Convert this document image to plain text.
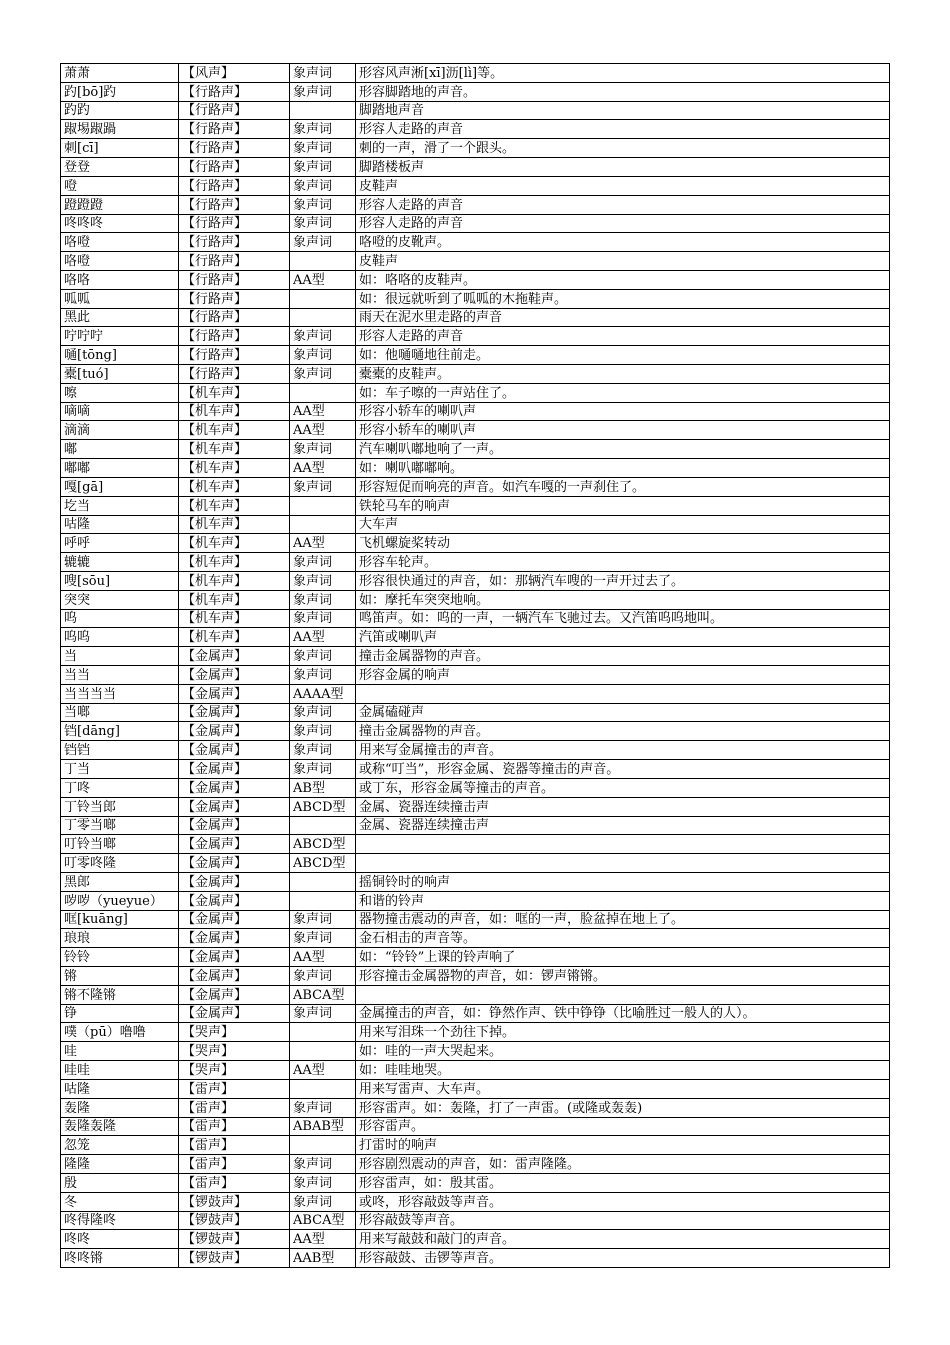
萧萧	【风声】	象声词	形容风声淅[xī]沥[lì]等。
趵[bō]趵	【行路声】	象声词	形容脚踏地的声音。
趵趵	【行路声】		脚踏地声音
踧埸踧踻	【行路声】	象声词	形容人走路的声音
刺[cī]	【行路声】	象声词	刺的一声，滑了一个跟头。
登登	【行路声】	象声词	脚踏楼板声
噔	【行路声】	象声词	皮鞋声
蹬蹬蹬	【行路声】	象声词	形容人走路的声音
咚咚咚	【行路声】	象声词	形容人走路的声音
咯噔	【行路声】	象声词	咯噔的皮靴声。
咯噔	【行路声】		皮鞋声
咯咯	【行路声】	AA型	如：咯咯的皮鞋声。
呱呱	【行路声】		如：很远就听到了呱呱的木拖鞋声。
黑此	【行路声】		雨天在泥水里走路的声音
咛咛咛	【行路声】	象声词	形容人走路的声音
嗵[tōng]	【行路声】	象声词	如：他嗵嗵地往前走。
橐[tuó]	【行路声】	象声词	橐橐的皮鞋声。
嚓	【机车声】		如：车子嚓的一声站住了。
嘀嘀	【机车声】	AA型	形容小轿车的喇叭声
滴滴	【机车声】	AA型	形容小轿车的喇叭声
嘟	【机车声】	象声词	汽车喇叭嘟地响了一声。
嘟嘟	【机车声】	AA型	如：喇叭嘟嘟响。
嘎[gā]	【机车声】	象声词	形容短促而响亮的声音。如汽车嘎的一声刹住了。
圪当	【机车声】		铁轮马车的响声
咕隆	【机车声】		大车声
呼呼	【机车声】	AA型	飞机螺旋桨转动
辘辘	【机车声】	象声词	形容车轮声。
嗖[sōu]	【机车声】	象声词	形容很快通过的声音，如：那辆汽车嗖的一声开过去了。
突突	【机车声】	象声词	如：摩托车突突地响。
呜	【机车声】	象声词	鸣笛声。如：呜的一声，一辆汽车飞驰过去。又汽笛呜呜地叫。
呜呜	【机车声】	AA型	汽笛或喇叭声
当	【金属声】	象声词	撞击金属器物的声音。
当当	【金属声】	象声词	形容金属的响声
当当当当	【金属声】	AAAA型	
当啷	【金属声】	象声词	金属磕碰声
铛[dāng]	【金属声】	象声词	撞击金属器物的声音。
铛铛	【金属声】	象声词	用来写金属撞击的声音。
丁当	【金属声】	象声词	或称“叮当”，形容金属、瓷器等撞击的声音。
丁咚	【金属声】	AB型	或丁东，形容金属等撞击的声音。
丁铃当郎	【金属声】	ABCD型	金属、瓷器连续撞击声
丁零当啷	【金属声】		金属、瓷器连续撞击声
叮铃当啷	【金属声】	ABCD型	
叮零咚隆	【金属声】	ABCD型	
黑郎	【金属声】		摇铜铃时的响声
哕哕（yueyue）	【金属声】		和谐的铃声
哐[kuāng]	【金属声】	象声词	器物撞击震动的声音，如：哐的一声，脸盆掉在地上了。
琅琅	【金属声】	象声词	金石相击的声音等。
铃铃	【金属声】	AA型	如：“铃铃”上课的铃声响了
锵	【金属声】	象声词	形容撞击金属器物的声音，如：锣声锵锵。
锵不隆锵	【金属声】	ABCA型	
铮	【金属声】	象声词	金属撞击的声音，如：铮然作声、铁中铮铮（比喻胜过一般人的人）。
噗（pū）噜噜	【哭声】		用来写泪珠一个劲往下掉。
哇	【哭声】		如：哇的一声大哭起来。
哇哇	【哭声】	AA型	如：哇哇地哭。
咕隆	【雷声】		用来写雷声、大车声。
轰隆	【雷声】	象声词	形容雷声。如：轰隆，打了一声雷。(或隆或轰轰)
轰隆轰隆	【雷声】	ABAB型	形容雷声。
忽笼	【雷声】		打雷时的响声
隆隆	【雷声】	象声词	形容剧烈震动的声音，如：雷声隆隆。
殷	【雷声】	象声词	形容雷声，如：殷其雷。
冬	【锣鼓声】	象声词	或咚，形容敲鼓等声音。
咚得隆咚	【锣鼓声】	ABCA型	形容敲鼓等声音。
咚咚	【锣鼓声】	AA型	用来写敲鼓和敲门的声音。
咚咚锵	【锣鼓声】	AAB型	形容敲鼓、击锣等声音。
